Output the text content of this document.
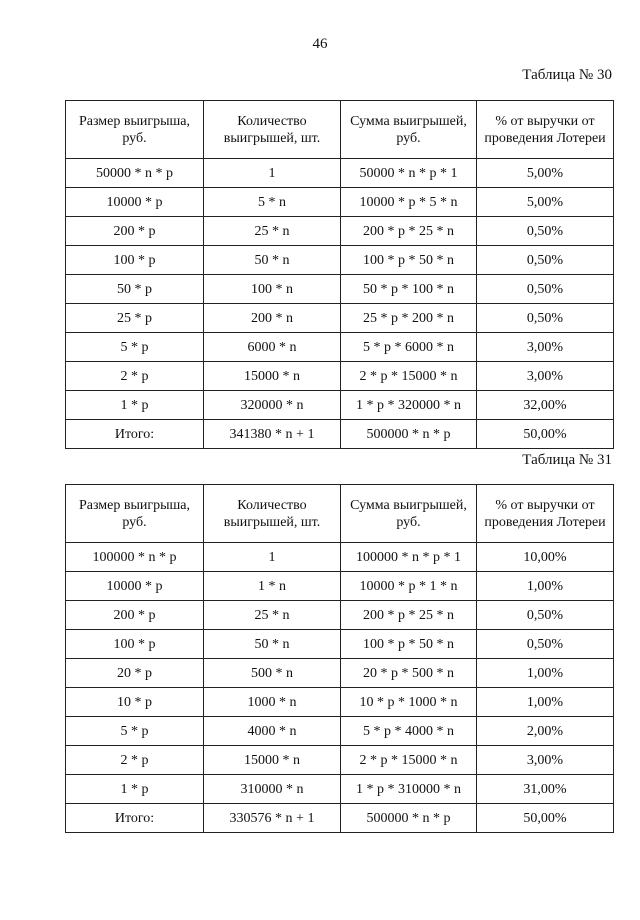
46
Таблица № 30
Размер выигрыша, руб.	Количество выигрышей, шт.	Сумма выигрышей, руб.	% от выручки от проведения Лотереи
50000 * n * p	1	50000 * n * p * 1	5,00%
10000 * p	5 * n	10000 * p * 5 * n	5,00%
200 * p	25 * n	200 * p * 25 * n	0,50%
100 * p	50 * n	100 * p * 50 * n	0,50%
50 * p	100 * n	50 * p * 100 * n	0,50%
25 * p	200 * n	25 * p * 200 * n	0,50%
5 * p	6000 * n	5 * p * 6000 * n	3,00%
2 * p	15000 * n	2 * p * 15000 * n	3,00%
1 * p	320000 * n	1 * p * 320000 * n	32,00%
Итого:	341380 * n + 1	500000 * n * p	50,00%
Таблица № 31
Размер выигрыша, руб.	Количество выигрышей, шт.	Сумма выигрышей, руб.	% от выручки от проведения Лотереи
100000 * n * p	1	100000 * n * p * 1	10,00%
10000 * p	1 * n	10000 * p * 1 * n	1,00%
200 * p	25 * n	200 * p * 25 * n	0,50%
100 * p	50 * n	100 * p * 50 * n	0,50%
20 * p	500 * n	20 * p * 500 * n	1,00%
10 * p	1000 * n	10 * p * 1000 * n	1,00%
5 * p	4000 * n	5 * p * 4000 * n	2,00%
2 * p	15000 * n	2 * p * 15000 * n	3,00%
1 * p	310000 * n	1 * p * 310000 * n	31,00%
Итого:	330576 * n + 1	500000 * n * p	50,00%
